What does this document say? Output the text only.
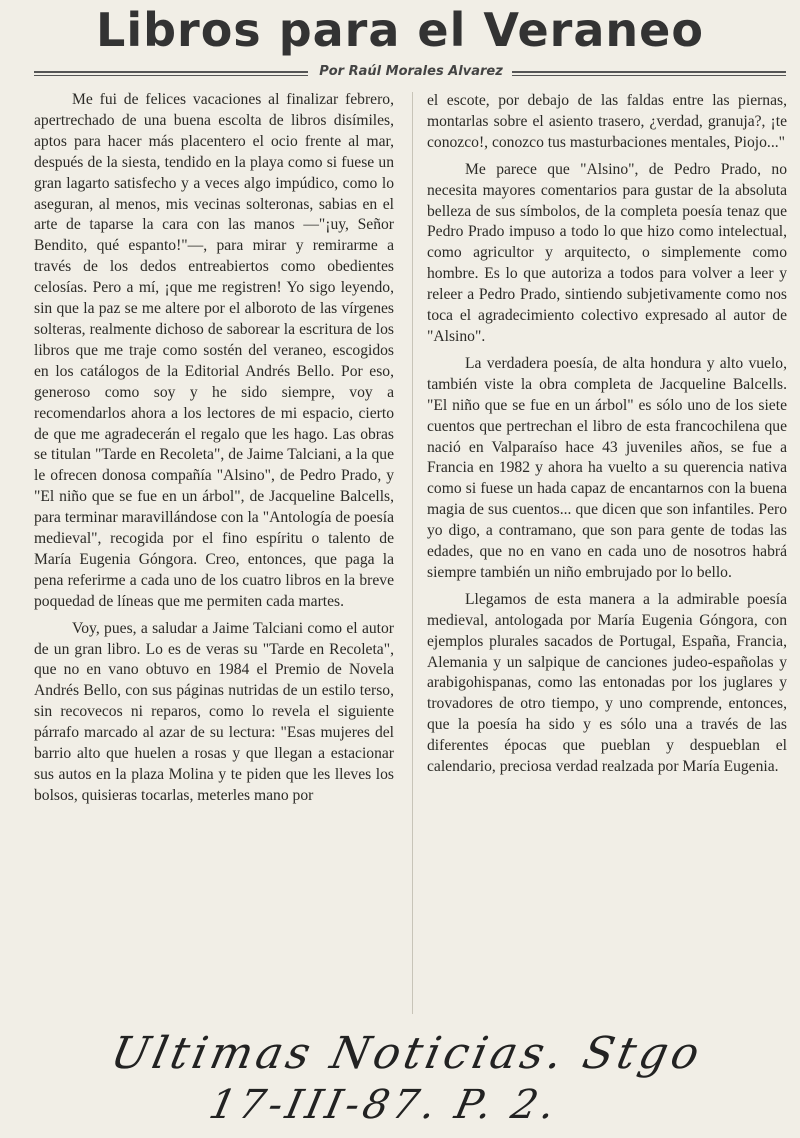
Libros para el Veraneo
Por Raúl Morales Alvarez

Me fui de felices vacaciones al finalizar febrero, apertrechado de una buena escolta de libros disímiles, aptos para hacer más placentero el ocio frente al mar, después de la siesta, tendido en la playa como si fuese un gran lagarto satisfecho y a veces algo impúdico, como lo aseguran, al menos, mis vecinas solteronas, sabias en el arte de taparse la cara con las manos —"¡uy, Señor Bendito, qué espanto!"—, para mirar y remirarme a través de los dedos entreabiertos como obedientes celosías. Pero a mí, ¡que me registren! Yo sigo leyendo, sin que la paz se me altere por el alboroto de las vírgenes solteras, realmente dichoso de saborear la escritura de los libros que me traje como sostén del veraneo, escogidos en los catálogos de la Editorial Andrés Bello. Por eso, generoso como soy y he sido siempre, voy a recomendarlos ahora a los lectores de mi espacio, cierto de que me agradecerán el regalo que les hago. Las obras se titulan "Tarde en Recoleta", de Jaime Talciani, a la que le ofrecen donosa compañía "Alsino", de Pedro Prado, y "El niño que se fue en un árbol", de Jacqueline Balcells, para terminar maravillándose con la "Antología de poesía medieval", recogida por el fino espíritu o talento de María Eugenia Góngora. Creo, entonces, que paga la pena referirme a cada uno de los cuatro libros en la breve poquedad de líneas que me permiten cada martes.

Voy, pues, a saludar a Jaime Talciani como el autor de un gran libro. Lo es de veras su "Tarde en Recoleta", que no en vano obtuvo en 1984 el Premio de Novela Andrés Bello, con sus páginas nutridas de un estilo terso, sin recovecos ni reparos, como lo revela el siguiente párrafo marcado al azar de su lectura: "Esas mujeres del barrio alto que huelen a rosas y que llegan a estacionar sus autos en la plaza Molina y te piden que les lleves los bolsos, quisieras tocarlas, meterles mano por

el escote, por debajo de las faldas entre las piernas, montarlas sobre el asiento trasero, ¿verdad, granuja?, ¡te conozco!, conozco tus masturbaciones mentales, Piojo..."

Me parece que "Alsino", de Pedro Prado, no necesita mayores comentarios para gustar de la absoluta belleza de sus símbolos, de la completa poesía tenaz que Pedro Prado impuso a todo lo que hizo como intelectual, como agricultor y arquitecto, o simplemente como hombre. Es lo que autoriza a todos para volver a leer y releer a Pedro Prado, sintiendo subjetivamente como nos toca el agradecimiento colectivo expresado al autor de "Alsino".

La verdadera poesía, de alta hondura y alto vuelo, también viste la obra completa de Jacqueline Balcells. "El niño que se fue en un árbol" es sólo uno de los siete cuentos que pertrechan el libro de esta francochilena que nació en Valparaíso hace 43 juveniles años, se fue a Francia en 1982 y ahora ha vuelto a su querencia nativa como si fuese un hada capaz de encantarnos con la buena magia de sus cuentos... que dicen que son infantiles. Pero yo digo, a contramano, que son para gente de todas las edades, que no en vano en cada uno de nosotros habrá siempre también un niño embrujado por lo bello.

Llegamos de esta manera a la admirable poesía medieval, antologada por María Eugenia Góngora, con ejemplos plurales sacados de Portugal, España, Francia, Alemania y un salpique de canciones judeo-españolas y arabigohispanas, como las entonadas por los juglares y trovadores de otro tiempo, y uno comprende, entonces, que la poesía ha sido y es sólo una a través de las diferentes épocas que pueblan y despueblan el calendario, preciosa verdad realzada por María Eugenia.

Ultimas Noticias. Stgo
17-III-87. P. 2.
